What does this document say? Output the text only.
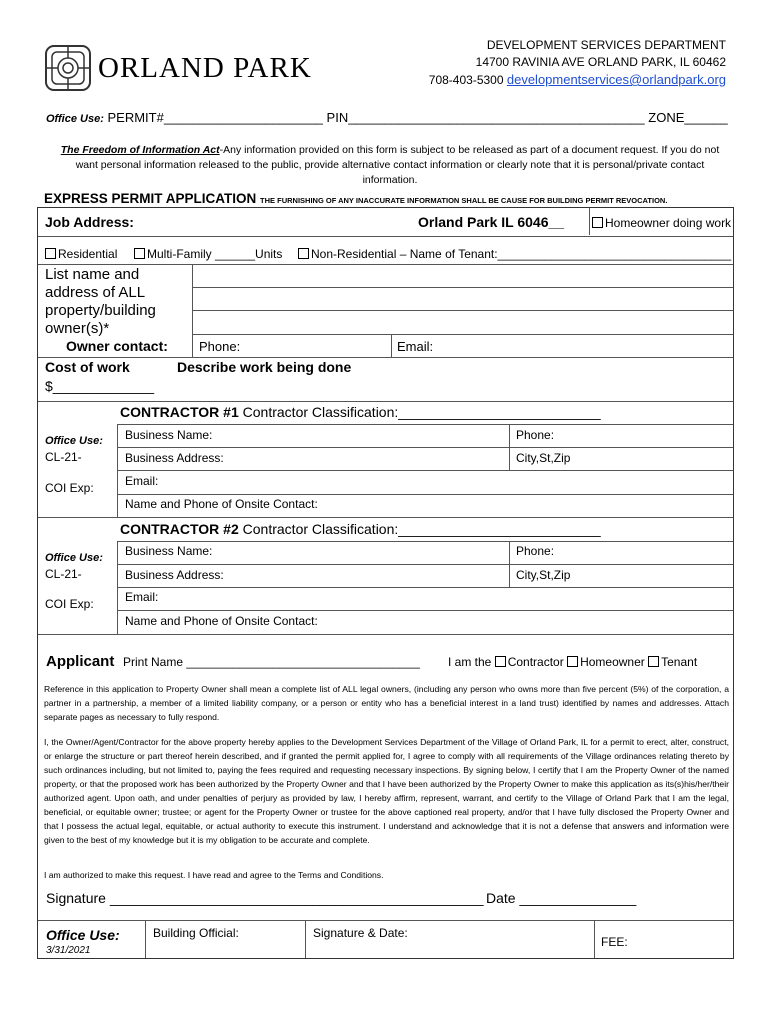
ORLAND PARK
DEVELOPMENT SERVICES DEPARTMENT
14700 RAVINIA AVE ORLAND PARK, IL 60462
708-403-5300 developmentservices@orlandpark.org
Office Use: PERMIT#______________________ PIN_________________________________________ ZONE______
The Freedom of Information Act-Any information provided on this form is subject to be released as part of a document request. If you do not want personal information released to the public, provide alternative contact information or clearly note that it is personal/private contact information.
EXPRESS PERMIT APPLICATION THE FURNISHING OF ANY INACCURATE INFORMATION SHALL BE CAUSE FOR BUILDING PERMIT REVOCATION.
Job Address:	Orland Park IL 6046__	Homeowner doing work
Residential	Multi-Family ______Units	Non-Residential – Name of Tenant:___________________________________
List name and address of ALL property/building owner(s)*
Owner contact: Phone:	Email:
Cost of work
$_____________
Describe work being done
CONTRACTOR #1 Contractor Classification:__________________________
Office Use:
CL-21-
COI Exp:
Business Name:	Phone:
Business Address:	City,St,Zip
Email:
Name and Phone of Onsite Contact:
CONTRACTOR #2 Contractor Classification:__________________________
Office Use:
CL-21-
COI Exp:
Business Name:	Phone:
Business Address:	City,St,Zip
Email:
Name and Phone of Onsite Contact:
Applicant Print Name ___________________________________ I am the Contractor Homeowner Tenant
Reference in this application to Property Owner shall mean a complete list of ALL legal owners, (including any person who owns more than five percent (5%) of the corporation, a partner in a partnership, a member of a limited liability company, or a person or entity who has a beneficial interest in a land trust) identified by names and addresses. Attach separate pages as necessary to fully respond.
I, the Owner/Agent/Contractor for the above property hereby applies to the Development Services Department of the Village of Orland Park, IL for a permit to erect, alter, construct, or enlarge the structure or part thereof herein described, and if granted the permit applied for, I agree to comply with all requirements of the Village ordinances relating thereto by such ordinances including, but not limited to, paying the fees required and requesting necessary inspections. By signing below, I certify that I am the Property Owner of the named property, or that the proposed work has been authorized by the Property Owner and that I have been authorized by the Property Owner to make this application as its(s)his/her/their authorized agent. Upon oath, and under penalties of perjury as provided by law, I hereby affirm, represent, warrant, and certify to the Village of Orland Park that I am the legal, beneficial, or equitable owner; trustee; or agent for the Property Owner or trustee for the above captioned real property, and/or that I have fully disclosed the Property Owner and that I possess the actual legal, equitable, or actual authority to execute this instrument. I understand and acknowledge that it is not a defense that answers and information were given to the best of my knowledge but it is my obligation to be accurate and complete.
I am authorized to make this request. I have read and agree to the Terms and Conditions.
Signature ________________________________________________ Date _______________
Office Use:
3/31/2021
Building Official:	Signature & Date:
FEE:
